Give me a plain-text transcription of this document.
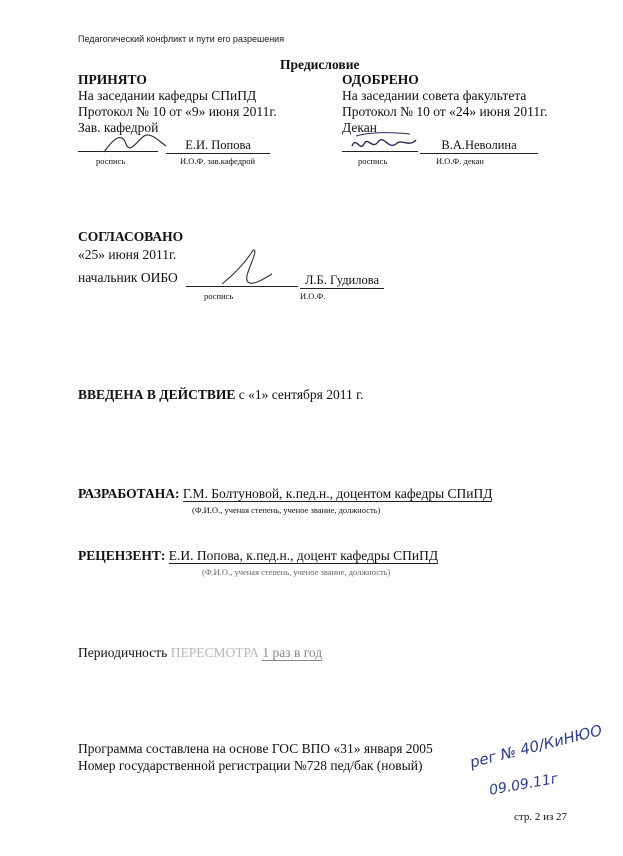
Педагогический конфликт и пути его разрешения
Предисловие
ПРИНЯТО
На заседании кафедры СПиПД
Протокол № 10 от «9» июня 2011г.
Зав. кафедрой
Е.И. Попова
роспись	И.О.Ф. зав.кафедрой
ОДОБРЕНО
На заседании совета факультета
Протокол № 10 от «24» июня 2011г.
Декан
В.А.Неволина
роспись	И.О.Ф. декан
СОГЛАСОВАНО
«25» июня 2011г.
начальник ОИБО	Л.Б. Гудилова
роспись	И.О.Ф.
ВВЕДЕНА В ДЕЙСТВИЕ с «1» сентября 2011 г.
РАЗРАБОТАНА: Г.М. Болтуновой, к.пед.н., доцентом кафедры СПиПД
(Ф.И.О., ученая степень, ученое звание, должность)
РЕЦЕНЗЕНТ: Е.И. Попова, к.пед.н., доцент кафедры СПиПД
(Ф.И.О., ученая степень, ученое звание, должность)
Периодичность ПЕРЕСМОТРА 1 раз в год
Программа составлена на основе ГОС ВПО «31» января 2005
Номер государственной регистрации №728 пед/бак (новый)	рег № 40/КиНЮО
09.09.11г
стр. 2 из 27
